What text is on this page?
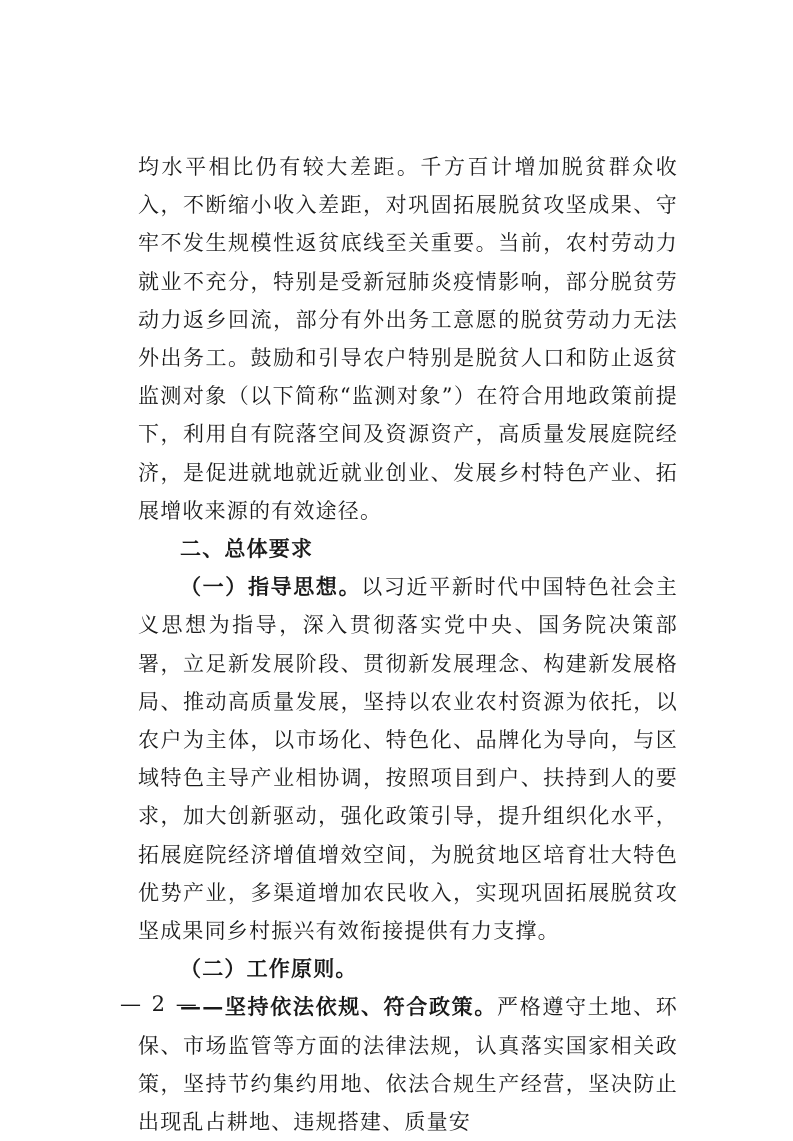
均水平相比仍有较大差距。千方百计增加脱贫群众收入，不断缩小收入差距，对巩固拓展脱贫攻坚成果、守牢不发生规模性返贫底线至关重要。当前，农村劳动力就业不充分，特别是受新冠肺炎疫情影响，部分脱贫劳动力返乡回流，部分有外出务工意愿的脱贫劳动力无法外出务工。鼓励和引导农户特别是脱贫人口和防止返贫监测对象（以下简称“监测对象”）在符合用地政策前提下，利用自有院落空间及资源资产，高质量发展庭院经济，是促进就地就近就业创业、发展乡村特色产业、拓展增收来源的有效途径。

二、总体要求

（一）指导思想。以习近平新时代中国特色社会主义思想为指导，深入贯彻落实党中央、国务院决策部署，立足新发展阶段、贯彻新发展理念、构建新发展格局、推动高质量发展，坚持以农业农村资源为依托，以农户为主体，以市场化、特色化、品牌化为导向，与区域特色主导产业相协调，按照项目到户、扶持到人的要求，加大创新驱动，强化政策引导，提升组织化水平，拓展庭院经济增值增效空间，为脱贫地区培育壮大特色优势产业，多渠道增加农民收入，实现巩固拓展脱贫攻坚成果同乡村振兴有效衔接提供有力支撑。

（二）工作原则。

——坚持依法依规、符合政策。严格遵守土地、环保、市场监管等方面的法律法规，认真落实国家相关政策，坚持节约集约用地、依法合规生产经营，坚决防止出现乱占耕地、违规搭建、质量安

— 2 —
